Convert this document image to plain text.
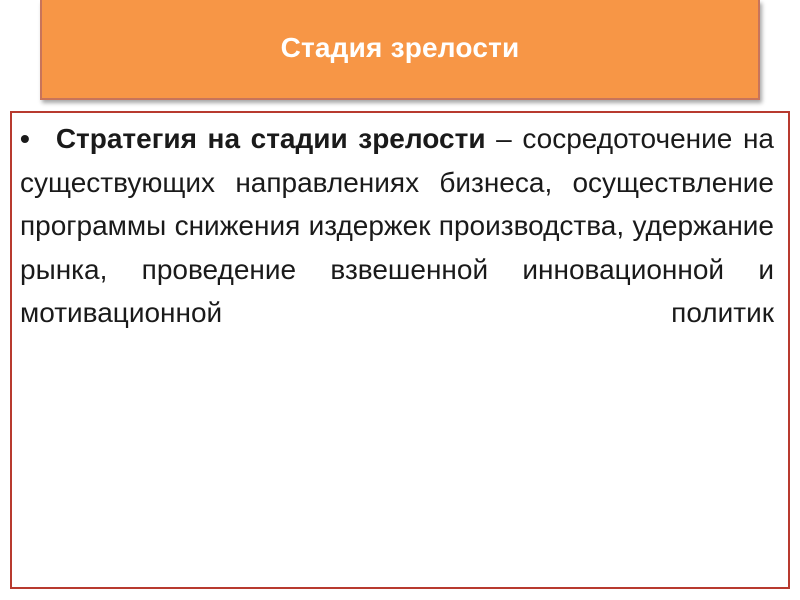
Стадия зрелости

• Стратегия на стадии зрелости – сосредоточение на существующих направлениях бизнеса, осуществление программы снижения издержек производства, удержание рынка, проведение взвешенной инновационной и мотивационной политик
